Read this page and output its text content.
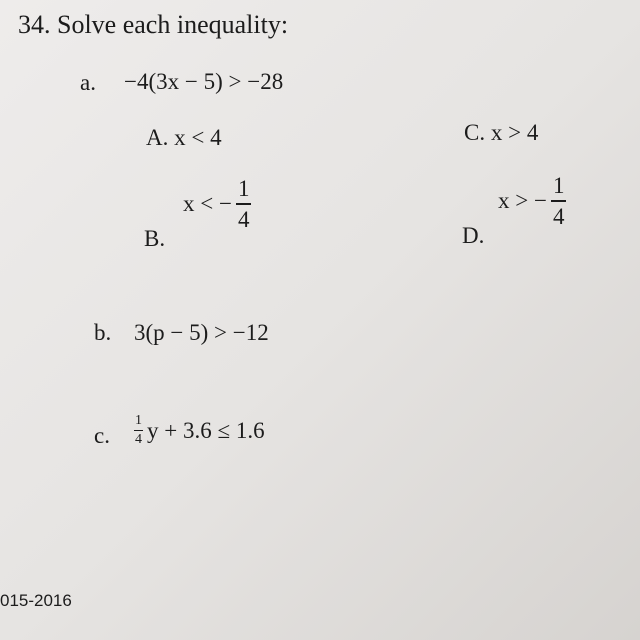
34. Solve each inequality:
a. −4(3x − 5) > −28
A. x < 4	C. x > 4
B.
x < − $\frac{1}{4}$
D.
x > − $\frac{1}{4}$
b. 3(p − 5) > −12
c. $\frac{1}{4}$ y + 3.6 ≤ 1.6
015-2016
